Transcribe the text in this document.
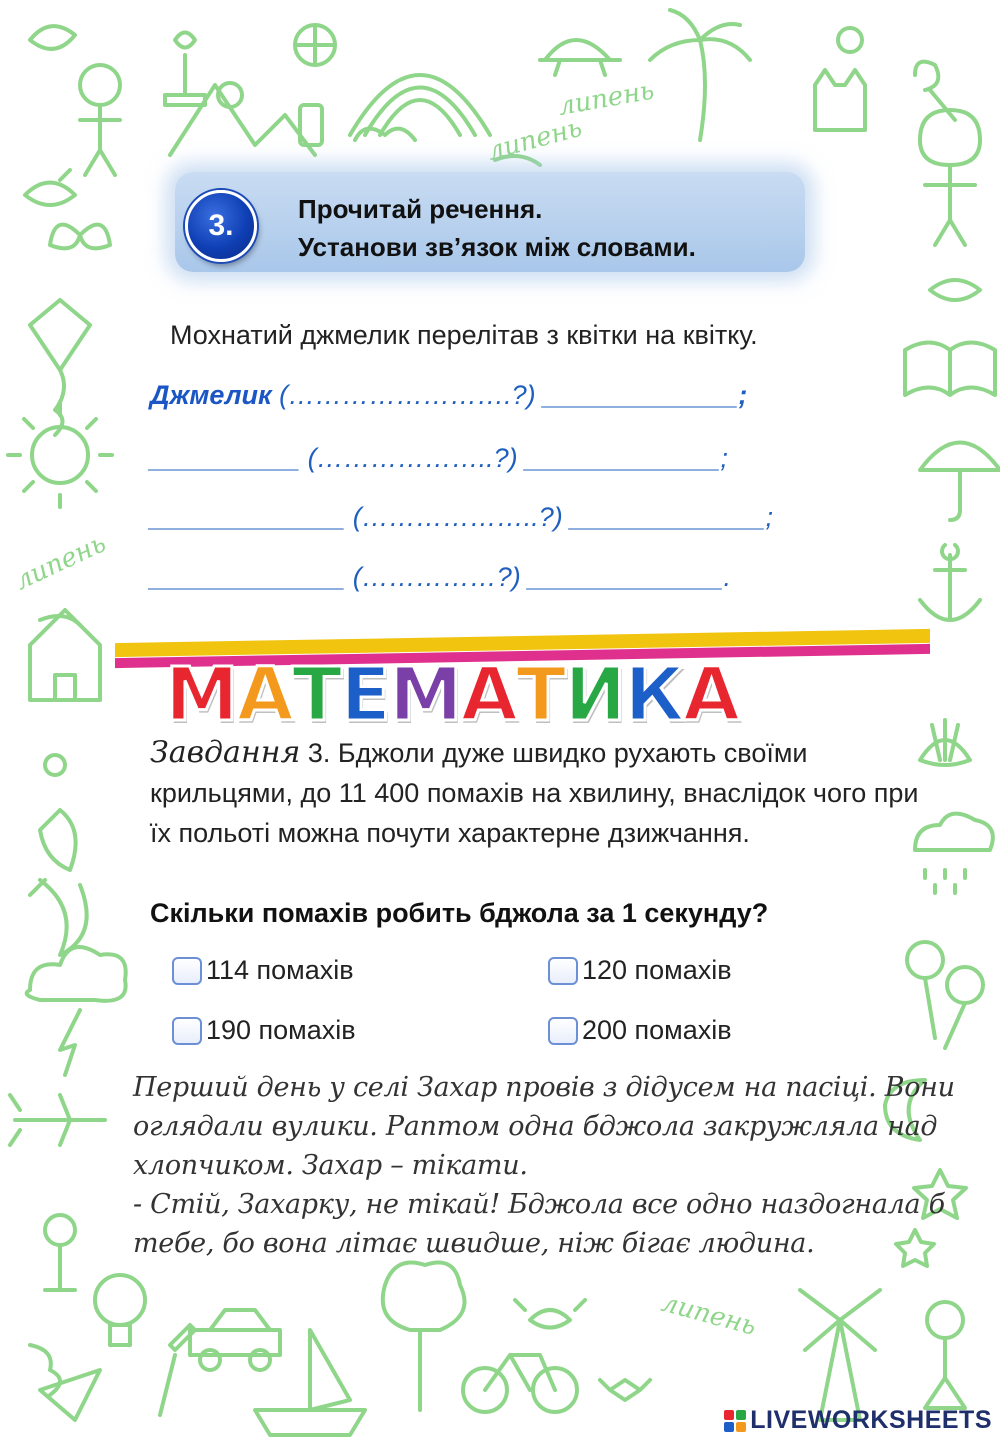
липень
липень
липень
липень
3.	Прочитай речення.
Установи зв’язок між словами.
Мохнатий джмелик перелітав з квітки на квітку.
Джмелик (…………………….?) _____________;
__________ (………………..?) _____________;
_____________ (………………..?) _____________;
_____________ (……………?) _____________.
М А Т Е М А Т И К А
Завдання 3. Бджоли дуже швидко рухають своїми крильцями, до 11 400 помахів на хвилину, внаслідок чого при їх польоті можна почути характерне дзижчання.
Скільки помахів робить бджола за 1 секунду?
114 помахів	120 помахів
190 помахів	200 помахів

Перший день у селі Захар провів з дідусем на пасіці. Вони

оглядали вулики. Раптом одна бджола закружляла над

хлопчиком. Захар – тікати.

- Стій, Захарку, не тікай! Бджола все одно наздогнала б

тебе, бо вона літає швидше, ніж бігає людина.

LIVEWORKSHEETS
